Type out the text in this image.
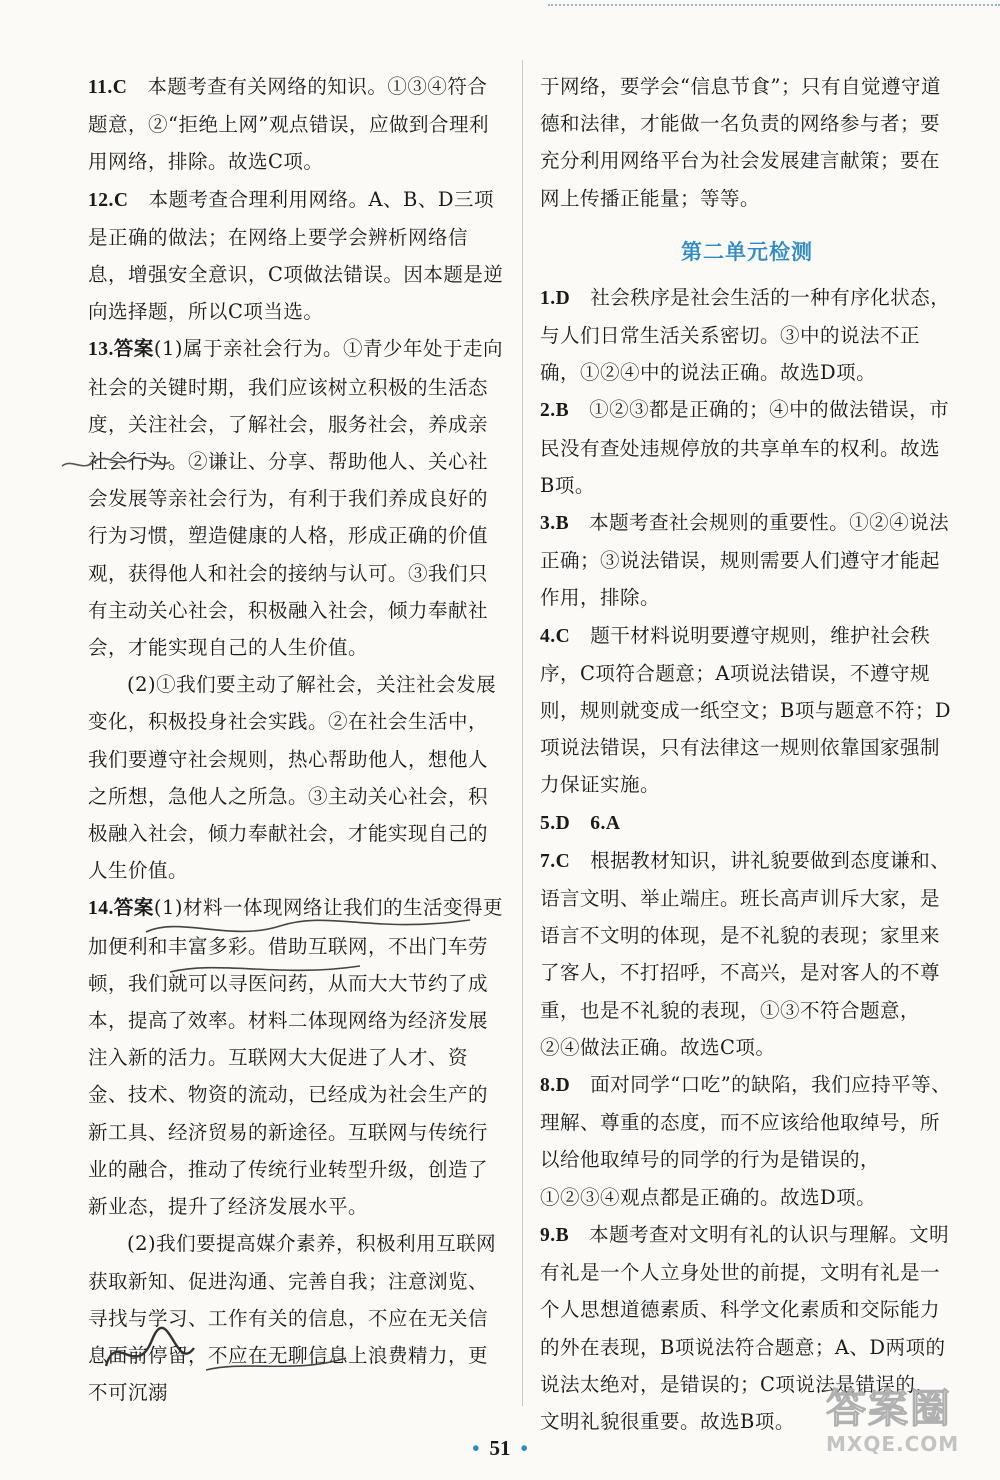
11.C　本题考查有关网络的知识。①③④符合题意，②“拒绝上网”观点错误，应做到合理利用网络，排除。故选C项。

12.C　本题考查合理利用网络。A、B、D三项是正确的做法；在网络上要学会辨析网络信息，增强安全意识，C项做法错误。因本题是逆向选择题，所以C项当选。

13.答案(1)属于亲社会行为。①青少年处于走向社会的关键时期，我们应该树立积极的生活态度，关注社会，了解社会，服务社会，养成亲社会行为。②谦让、分享、帮助他人、关心社会发展等亲社会行为，有利于我们养成良好的行为习惯，塑造健康的人格，形成正确的价值观，获得他人和社会的接纳与认可。③我们只有主动关心社会，积极融入社会，倾力奉献社会，才能实现自己的人生价值。

(2)①我们要主动了解社会，关注社会发展变化，积极投身社会实践。②在社会生活中，我们要遵守社会规则，热心帮助他人，想他人之所想，急他人之所急。③主动关心社会，积极融入社会，倾力奉献社会，才能实现自己的人生价值。

14.答案(1)材料一体现网络让我们的生活变得更加便利和丰富多彩。借助互联网，不出门车劳顿，我们就可以寻医问药，从而大大节约了成本，提高了效率。材料二体现网络为经济发展注入新的活力。互联网大大促进了人才、资金、技术、物资的流动，已经成为社会生产的新工具、经济贸易的新途径。互联网与传统行业的融合，推动了传统行业转型升级，创造了新业态，提升了经济发展水平。

(2)我们要提高媒介素养，积极利用互联网获取新知、促进沟通、完善自我；注意浏览、寻找与学习、工作有关的信息，不应在无关信息面前停留，不应在无聊信息上浪费精力，更不可沉溺

于网络，要学会“信息节食”；只有自觉遵守道德和法律，才能做一名负责的网络参与者；要充分利用网络平台为社会发展建言献策；要在网上传播正能量；等等。

第二单元检测

1.D　社会秩序是社会生活的一种有序化状态，与人们日常生活关系密切。③中的说法不正确，①②④中的说法正确。故选D项。

2.B　①②③都是正确的；④中的做法错误，市民没有查处违规停放的共享单车的权利。故选B项。

3.B　本题考查社会规则的重要性。①②④说法正确；③说法错误，规则需要人们遵守才能起作用，排除。

4.C　题干材料说明要遵守规则，维护社会秩序，C项符合题意；A项说法错误，不遵守规则，规则就变成一纸空文；B项与题意不符；D项说法错误，只有法律这一规则依靠国家强制力保证实施。

5.D　 6.A

7.C　根据教材知识，讲礼貌要做到态度谦和、语言文明、举止端庄。班长高声训斥大家，是语言不文明的体现，是不礼貌的表现；家里来了客人，不打招呼，不高兴，是对客人的不尊重，也是不礼貌的表现，①③不符合题意，②④做法正确。故选C项。

8.D　面对同学“口吃”的缺陷，我们应持平等、理解、尊重的态度，而不应该给他取绰号，所以给他取绰号的同学的行为是错误的，①②③④观点都是正确的。故选D项。

9.B　本题考查对文明有礼的认识与理解。文明有礼是一个人立身处世的前提，文明有礼是一个人思想道德素质、科学文化素质和交际能力的外在表现，B项说法符合题意；A、D两项的说法太绝对，是错误的；C项说法是错误的，文明礼貌很重要。故选B项。

• 51 •
答案圈
MXQE.COM
